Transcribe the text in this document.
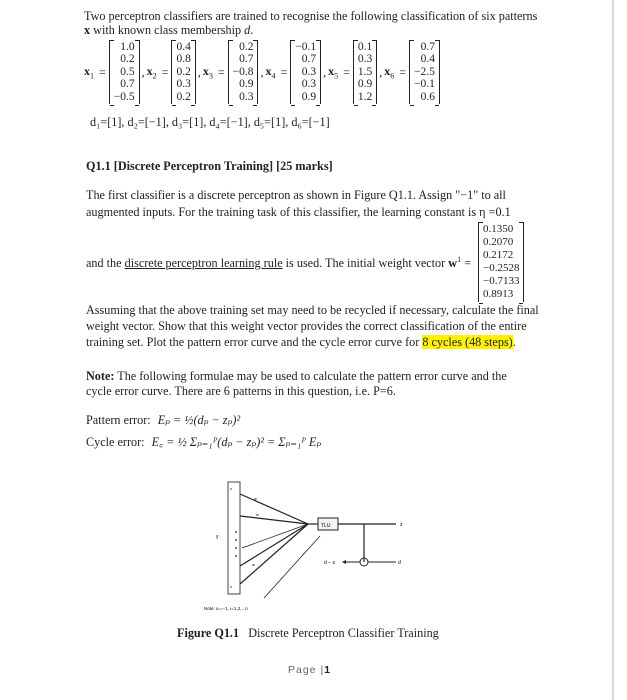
Two perceptron classifiers are trained to recognise the following classification of six patterns
x with known class membership d.
$x_1$ =
1.0
0.2
0.5
0.7
−0.5
, $x_2$ =
0.4
0.8
0.2
0.3
0.2
, $x_3$ =
0.2
0.7
−0.8
0.9
0.3
, $x_4$ =
−0.1
0.7
0.3
0.3
0.9
, $x_5$ =
0.1
0.3
1.5
0.9
1.2
, $x_6$ =
0.7
0.4
−2.5
−0.1
0.6
d₁=[1], d₂=[−1], d₃=[1], d₄=[−1], d₅=[1], d₆=[−1]
Q1.1 [Discrete Perceptron Training] [25 marks]
The first classifier is a discrete perceptron as shown in Figure Q1.1. Assign "−1" to all
augmented inputs. For the training task of this classifier, the learning constant is η =0.1
and the discrete perceptron learning rule is used. The initial weight vector $w^1$ =
0.1350
0.2070
0.2172
−0.2528
−0.7133
0.8913
Assuming that the above training set may need to be recycled if necessary, calculate the final
weight vector. Show that this weight vector provides the correct classification of the entire
training set. Plot the pattern error curve and the cycle error curve for 8 cycles (48 steps).
Note: The following formulae may be used to calculate the pattern error curve and the
cycle error curve. There are 6 patterns in this question, i.e. P=6.
Pattern error: Eₚ = ½(dₚ − zₚ)²
Cycle error: E꜀ = ½ Σₚ₌₁ᴾ(dₚ − zₚ)² = Σₚ₌₁ᴾ Eₚ
x
w
w
w
x
y
TLU	z
d
d − z
Note: xₙ=−1, i=1,2,...n
Figure Q1.1 Discrete Perceptron Classifier Training
Page |1
